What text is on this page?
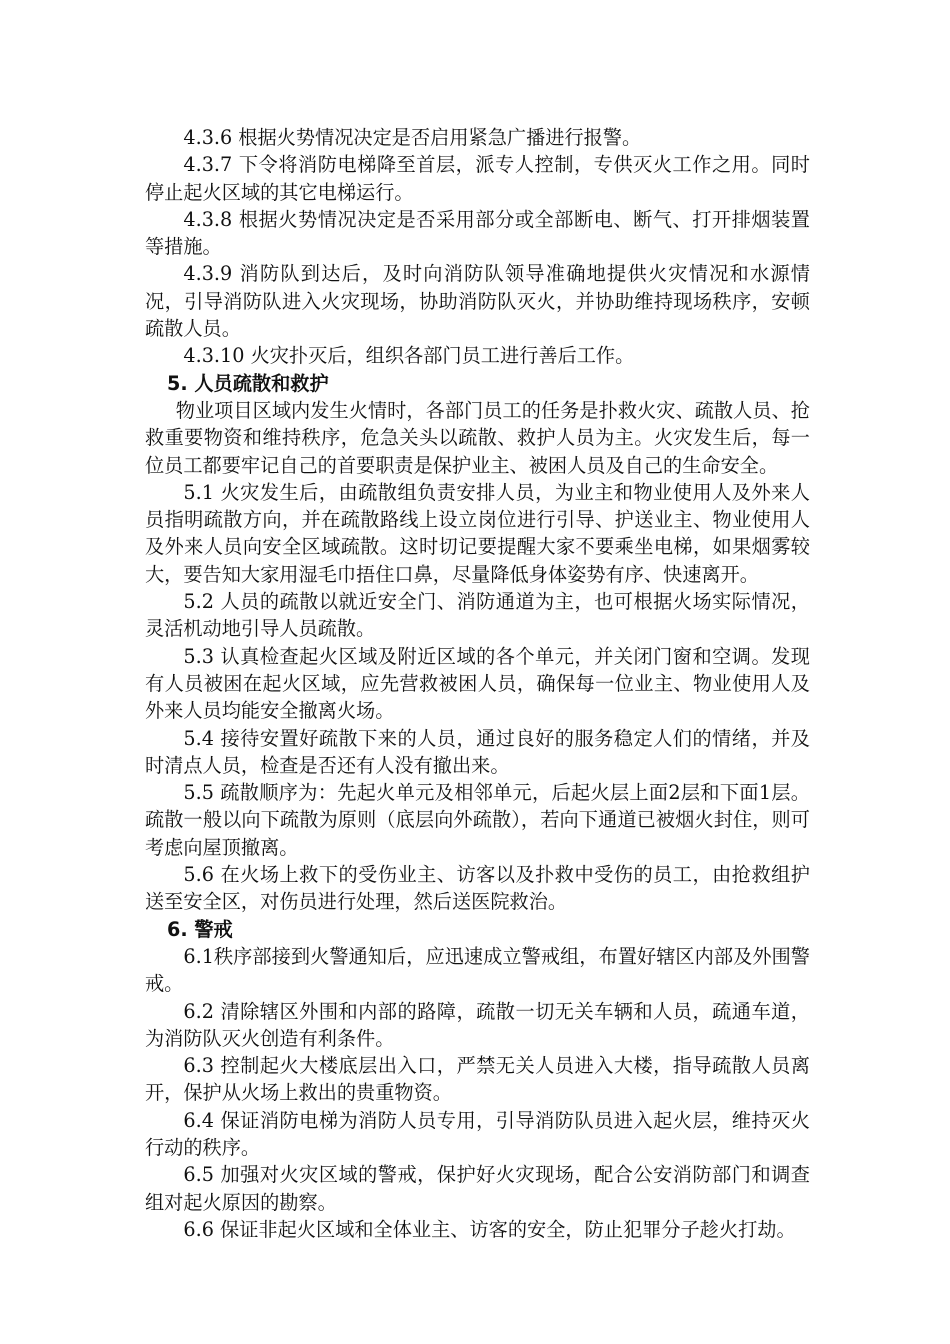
4.3.6 根据火势情况决定是否启用紧急广播进行报警。

4.3.7 下令将消防电梯降至首层，派专人控制，专供灭火工作之用。同时停止起火区域的其它电梯运行。

4.3.8 根据火势情况决定是否采用部分或全部断电、断气、打开排烟装置等措施。

4.3.9 消防队到达后，及时向消防队领导准确地提供火灾情况和水源情况，引导消防队进入火灾现场，协助消防队灭火，并协助维持现场秩序，安顿疏散人员。

4.3.10 火灾扑灭后，组织各部门员工进行善后工作。

5. 人员疏散和救护

物业项目区域内发生火情时，各部门员工的任务是扑救火灾、疏散人员、抢救重要物资和维持秩序，危急关头以疏散、救护人员为主。火灾发生后，每一位员工都要牢记自己的首要职责是保护业主、被困人员及自己的生命安全。

5.1 火灾发生后，由疏散组负责安排人员，为业主和物业使用人及外来人员指明疏散方向，并在疏散路线上设立岗位进行引导、护送业主、物业使用人及外来人员向安全区域疏散。这时切记要提醒大家不要乘坐电梯，如果烟雾较大，要告知大家用湿毛巾捂住口鼻，尽量降低身体姿势有序、快速离开。

5.2 人员的疏散以就近安全门、消防通道为主，也可根据火场实际情况，灵活机动地引导人员疏散。

5.3 认真检查起火区域及附近区域的各个单元，并关闭门窗和空调。发现有人员被困在起火区域，应先营救被困人员，确保每一位业主、物业使用人及外来人员均能安全撤离火场。

5.4 接待安置好疏散下来的人员，通过良好的服务稳定人们的情绪，并及时清点人员，检查是否还有人没有撤出来。

5.5 疏散顺序为：先起火单元及相邻单元，后起火层上面2层和下面1层。疏散一般以向下疏散为原则（底层向外疏散），若向下通道已被烟火封住，则可考虑向屋顶撤离。

5.6 在火场上救下的受伤业主、访客以及扑救中受伤的员工，由抢救组护送至安全区，对伤员进行处理，然后送医院救治。

6. 警戒

6.1秩序部接到火警通知后，应迅速成立警戒组，布置好辖区内部及外围警戒。

6.2 清除辖区外围和内部的路障，疏散一切无关车辆和人员，疏通车道，为消防队灭火创造有利条件。

6.3 控制起火大楼底层出入口，严禁无关人员进入大楼，指导疏散人员离开，保护从火场上救出的贵重物资。

6.4 保证消防电梯为消防人员专用，引导消防队员进入起火层，维持灭火行动的秩序。

6.5 加强对火灾区域的警戒，保护好火灾现场，配合公安消防部门和调查组对起火原因的勘察。

6.6 保证非起火区域和全体业主、访客的安全，防止犯罪分子趁火打劫。
